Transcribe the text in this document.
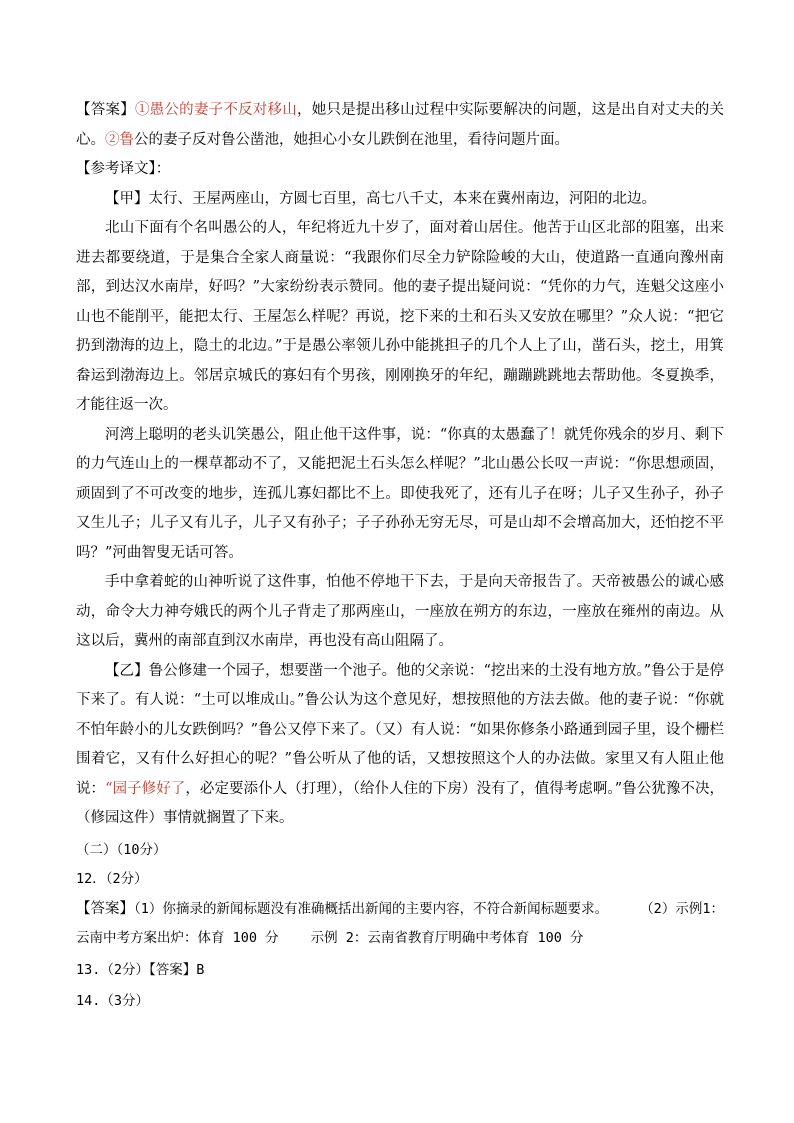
【答案】①愚公的妻子不反对移山，她只是提出移山过程中实际要解决的问题，这是出自对丈夫的关心。②鲁公的妻子反对鲁公凿池，她担心小女儿跌倒在池里，看待问题片面。

【参考译文】：

【甲】太行、王屋两座山，方圆七百里，高七八千丈，本来在冀州南边，河阳的北边。

北山下面有个名叫愚公的人，年纪将近九十岁了，面对着山居住。他苦于山区北部的阻塞，出来进去都要绕道，于是集合全家人商量说：“我跟你们尽全力铲除险峻的大山，使道路一直通向豫州南部，到达汉水南岸，好吗？”大家纷纷表示赞同。他的妻子提出疑问说：“凭你的力气，连魁父这座小山也不能削平，能把太行、王屋怎么样呢？再说，挖下来的土和石头又安放在哪里？”众人说：“把它扔到渤海的边上，隐土的北边。”于是愚公率领儿孙中能挑担子的几个人上了山，凿石头，挖土，用箕畚运到渤海边上。邻居京城氏的寡妇有个男孩，刚刚换牙的年纪，蹦蹦跳跳地去帮助他。冬夏换季，才能往返一次。

河湾上聪明的老头讥笑愚公，阻止他干这件事，说：“你真的太愚蠢了！就凭你残余的岁月、剩下的力气连山上的一棵草都动不了，又能把泥土石头怎么样呢？”北山愚公长叹一声说：“你思想顽固，顽固到了不可改变的地步，连孤儿寡妇都比不上。即使我死了，还有儿子在呀；儿子又生孙子，孙子又生儿子；儿子又有儿子，儿子又有孙子；子子孙孙无穷无尽，可是山却不会增高加大，还怕挖不平吗？”河曲智叟无话可答。

手中拿着蛇的山神听说了这件事，怕他不停地干下去，于是向天帝报告了。天帝被愚公的诚心感动，命令大力神夸娥氏的两个儿子背走了那两座山，一座放在朔方的东边，一座放在雍州的南边。从这以后，冀州的南部直到汉水南岸，再也没有高山阻隔了。

【乙】鲁公修建一个园子，想要凿一个池子。他的父亲说：“挖出来的土没有地方放。”鲁公于是停下来了。有人说：“土可以堆成山。”鲁公认为这个意见好，想按照他的方法去做。他的妻子说：“你就不怕年龄小的儿女跌倒吗？”鲁公又停下来了。（又）有人说：“如果你修条小路通到园子里，设个栅栏围着它，又有什么好担心的呢？”鲁公听从了他的话，又想按照这个人的办法做。家里又有人阻止他说：“园子修好了，必定要添仆人（打理），（给仆人住的下房）没有了，值得考虑啊。”鲁公犹豫不决，（修园这件）事情就搁置了下来。

（二）（10分）

12．（2分）

【答案】（1）你摘录的新闻标题没有准确概括出新闻的主要内容，不符合新闻标题要求。 （2）示例1：云南中考方案出炉：体育 100 分 示例 2：云南省教育厅明确中考体育 100 分

13.（2分）【答案】B

14.（3分）
